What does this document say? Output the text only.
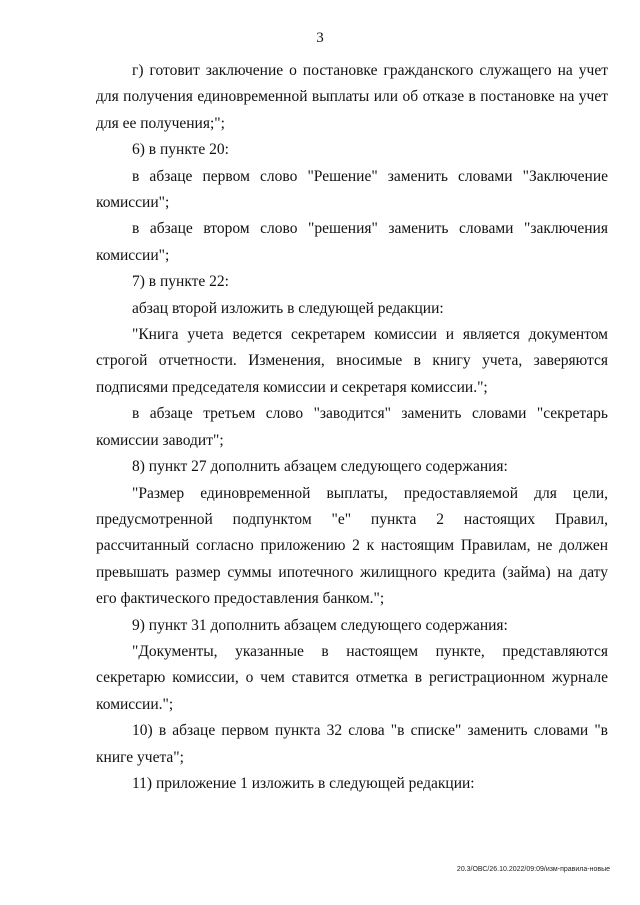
3

г) готовит заключение о постановке гражданского служащего на учет для получения единовременной выплаты или об отказе в постановке на учет для ее получения;";

6) в пункте 20:

в абзаце первом слово "Решение" заменить словами "Заключение комиссии";

в абзаце втором слово "решения" заменить словами "заключения комиссии";

7) в пункте 22:

абзац второй изложить в следующей редакции:

"Книга учета ведется секретарем комиссии и является документом строгой отчетности. Изменения, вносимые в книгу учета, заверяются подписями председателя комиссии и секретаря комиссии.";

в абзаце третьем слово "заводится" заменить словами "секретарь комиссии заводит";

8) пункт 27 дополнить абзацем следующего содержания:

"Размер единовременной выплаты, предоставляемой для цели, предусмотренной подпунктом "е" пункта 2 настоящих Правил, рассчитанный согласно приложению 2 к настоящим Правилам, не должен превышать размер суммы ипотечного жилищного кредита (займа) на дату его фактического предоставления банком.";

9) пункт 31 дополнить абзацем следующего содержания:

"Документы, указанные в настоящем пункте, представляются секретарю комиссии, о чем ставится отметка в регистрационном журнале комиссии.";

10) в абзаце первом пункта 32 слова "в списке" заменить словами "в книге учета";

11) приложение 1 изложить в следующей редакции:

20.3/ОВС/26.10.2022/09:09/изм-правила-новые
